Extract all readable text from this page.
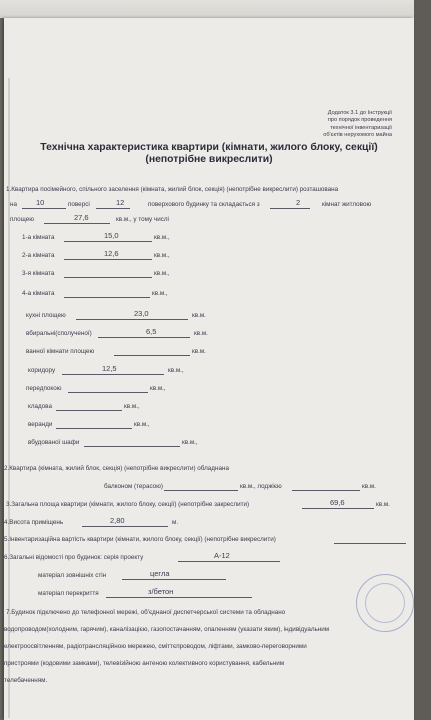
Додаток 3.1 до Інструкції
про порядок проведення
технічної інвентаризації
об'єктів нерухомого майна
Технічна характеристика квартири (кімнати, жилого блоку, секції)
(непотрібне викреслити)
1.Квартира посімейного, спільного заселення (кімната, жилий блок, секція) (непотрібне викреслити) розташована
на	10	поверсі	12	поверхового будинку та складається з	2	кімнат житловою
площею	27,6	кв.м., у тому числі
1-а кімната	15,0	кв.м.,
2-а кімната	12,6	кв.м.,
3-я кімната	кв.м.,
4-а кімната	кв.м.,
кухні площею	23,0	кв.м.
вбиральні(сполученої)	6,5	кв.м.
ванної кімнати площею	кв.м.
коридору	12,5	кв.м.,
передпокою	кв.м.,
кладова	кв.м.,
веранди	кв.м.,
вбудованої шафи	кв.м.,
2.Квартира (кімната, жилий блок, секція) (непотрібне викреслити) обладнана
балконом (терасою)	кв.м., лоджією	кв.м.
3.Загальна площа квартири (кімнати, жилого блоку, секції) (непотрібне закреслити)	69,6	кв.м.
4.Висота приміщень	2,80	м.
5.Інвентаризаційна вартість квартири (кімнати, жилого блоку, секції) (непотрібне викреслити)
6.Загальні відомості про будинок: серія проекту	А-12
матеріал зовнішніх стін	цегла
матеріал перекриття	з/бетон
7.Будинок підключено до телефонної мережі, об'єднаної диспетчерської системи та обладнано
водопроводом(холодним, гарячим), каналізацією, газопостачанням, опаленням (указати яким), індивідуальним
електроосвітленням, радіотрансляційною мережею, сміттєпроводом, ліфтами, замково-переговорними
пристроями (кодовими замками), телевізійною антеною колективного користування, кабельним
телебаченням.
